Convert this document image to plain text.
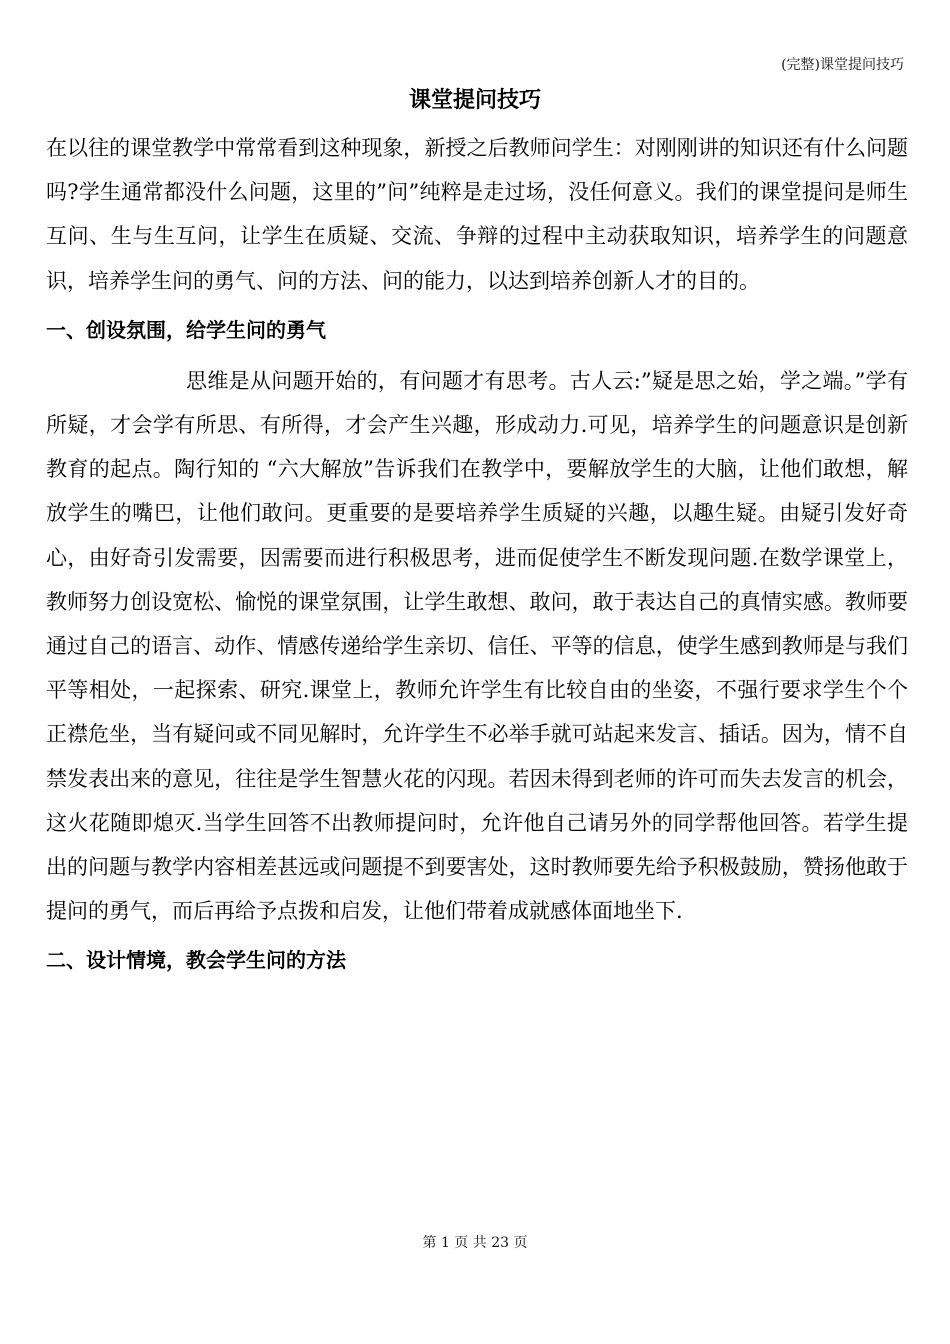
(完整)课堂提问技巧
课堂提问技巧

在以往的课堂教学中常常看到这种现象，新授之后教师问学生：对刚刚讲的知识还有什么问题吗?学生通常都没什么问题，这里的”问”纯粹是走过场，没任何意义。我们的课堂提问是师生互问、生与生互问，让学生在质疑、交流、争辩的过程中主动获取知识，培养学生的问题意识，培养学生问的勇气、问的方法、问的能力，以达到培养创新人才的目的。

一、创设氛围，给学生问的勇气

思维是从问题开始的，有问题才有思考。古人云:”疑是思之始，学之端。”学有所疑，才会学有所思、有所得，才会产生兴趣，形成动力.可见，培养学生的问题意识是创新教育的起点。陶行知的 “六大解放”告诉我们在教学中，要解放学生的大脑，让他们敢想，解放学生的嘴巴，让他们敢问。更重要的是要培养学生质疑的兴趣，以趣生疑。由疑引发好奇心，由好奇引发需要，因需要而进行积极思考，进而促使学生不断发现问题.在数学课堂上，教师努力创设宽松、愉悦的课堂氛围，让学生敢想、敢问，敢于表达自己的真情实感。教师要通过自己的语言、动作、情感传递给学生亲切、信任、平等的信息，使学生感到教师是与我们平等相处，一起探索、研究.课堂上，教师允许学生有比较自由的坐姿，不强行要求学生个个正襟危坐，当有疑问或不同见解时，允许学生不必举手就可站起来发言、插话。因为，情不自禁发表出来的意见，往往是学生智慧火花的闪现。若因未得到老师的许可而失去发言的机会，这火花随即熄灭.当学生回答不出教师提问时，允许他自己请另外的同学帮他回答。若学生提出的问题与教学内容相差甚远或问题提不到要害处，这时教师要先给予积极鼓励，赞扬他敢于提问的勇气，而后再给予点拨和启发，让他们带着成就感体面地坐下.

二、设计情境，教会学生问的方法
第 1 页 共 23 页
